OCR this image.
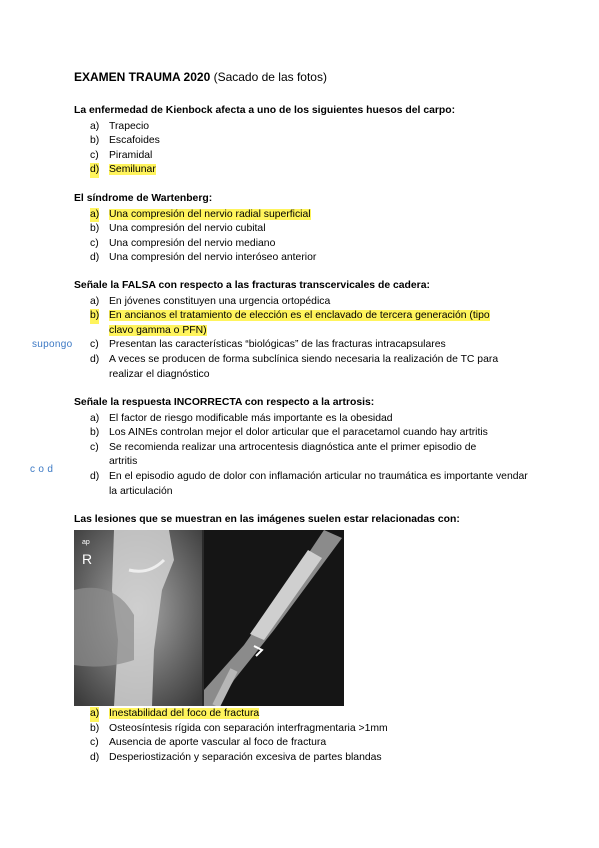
EXAMEN TRAUMA 2020 (Sacado de las fotos)
La enfermedad de Kienbock afecta a uno de los siguientes huesos del carpo:
a) Trapecio
b) Escafoides
c) Piramidal
d) Semilunar
El síndrome de Wartenberg:
a) Una compresión del nervio radial superficial
b) Una compresión del nervio cubital
c) Una compresión del nervio mediano
d) Una compresión del nervio interóseo anterior
Señale la FALSA con respecto a las fracturas transcervicales de cadera:
a) En jóvenes constituyen una urgencia ortopédica
b) En ancianos el tratamiento de elección es el enclavado de tercera generación (tipo
clavo gamma o PFN)
c) Presentan las características “biológicas” de las fracturas intracapsulares
d) A veces se producen de forma subclínica siendo necesaria la realización de TC para realizar el diagnóstico
supongo
Señale la respuesta INCORRECTA con respecto a la artrosis:
a) El factor de riesgo modificable más importante es la obesidad
b) Los AINEs controlan mejor el dolor articular que el paracetamol cuando hay artritis
c) Se recomienda realizar una artrocentesis diagnóstica ante el primer episodio de artritis
d) En el episodio agudo de dolor con inflamación articular no traumática es importante vendar la articulación
c o d
Las lesiones que se muestran en las imágenes suelen estar relacionadas con:
ap
R
a) Inestabilidad del foco de fractura
b) Osteosíntesis rígida con separación interfragmentaria >1mm
c) Ausencia de aporte vascular al foco de fractura
d) Desperiostización y separación excesiva de partes blandas
